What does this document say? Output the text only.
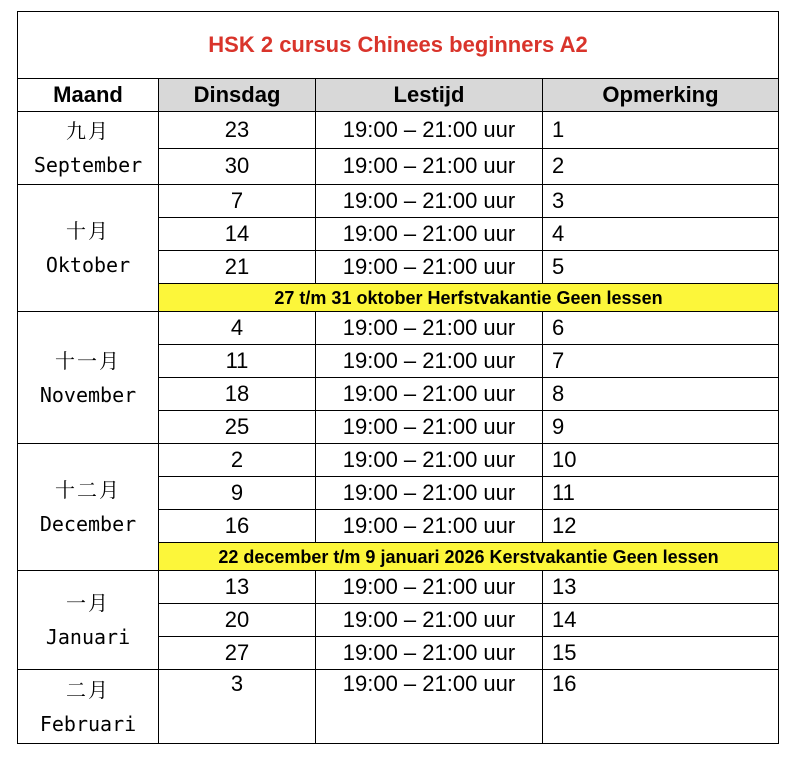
HSK 2 cursus Chinees beginners A2			
Maand	Dinsdag	Lestijd	Opmerking

九月
September	23	19:00 – 21:00 uur	1
	30	19:00 – 21:00 uur	2

十月
Oktober	7	19:00 – 21:00 uur	3
	14	19:00 – 21:00 uur	4
	21	19:00 – 21:00 uur	5
	27 t/m 31 oktober Herfstvakantie Geen lessen		

十一月
November	4	19:00 – 21:00 uur	6
	11	19:00 – 21:00 uur	7
	18	19:00 – 21:00 uur	8
	25	19:00 – 21:00 uur	9

十二月
December	2	19:00 – 21:00 uur	10
	9	19:00 – 21:00 uur	11
	16	19:00 – 21:00 uur	12
	22 december t/m 9 januari 2026 Kerstvakantie Geen lessen		

一月
Januari	13	19:00 – 21:00 uur	13
	20	19:00 – 21:00 uur	14
	27	19:00 – 21:00 uur	15

二月
Februari	3	19:00 – 21:00 uur	16
